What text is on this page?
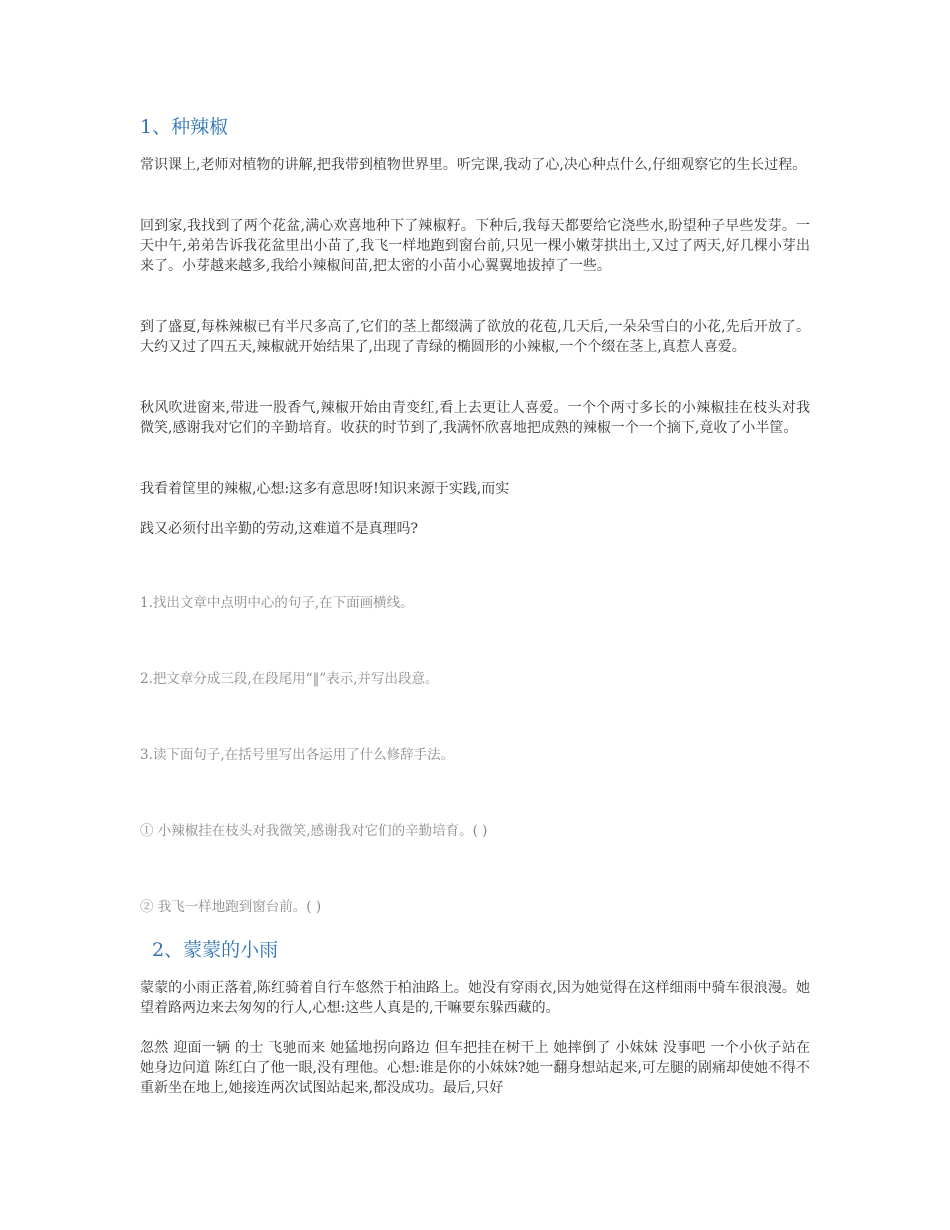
1、种辣椒
常识课上,老师对植物的讲解,把我带到植物世界里。听完课,我动了心,决心种点什么,仔细观察它的生长过程。
回到家,我找到了两个花盆,满心欢喜地种下了辣椒籽。下种后,我每天都要给它浇些水,盼望种子早些发芽。一天中午,弟弟告诉我花盆里出小苗了,我飞一样地跑到窗台前,只见一棵小嫩芽拱出土,又过了两天,好几棵小芽出来了。小芽越来越多,我给小辣椒间苗,把太密的小苗小心翼翼地拔掉了一些。
到了盛夏,每株辣椒已有半尺多高了,它们的茎上都缀满了欲放的花苞,几天后,一朵朵雪白的小花,先后开放了。大约又过了四五天,辣椒就开始结果了,出现了青绿的椭圆形的小辣椒,一个个缀在茎上,真惹人喜爱。
秋风吹进窗来,带进一股香气,辣椒开始由青变红,看上去更让人喜爱。一个个两寸多长的小辣椒挂在枝头对我微笑,感谢我对它们的辛勤培育。收获的时节到了,我满怀欣喜地把成熟的辣椒一个一个摘下,竟收了小半筐。
我看着筐里的辣椒,心想:这多有意思呀!知识来源于实践,而实
践又必须付出辛勤的劳动,这难道不是真理吗?
1.找出文章中点明中心的句子,在下面画横线。
2.把文章分成三段,在段尾用“‖”表示,并写出段意。
3.读下面句子,在括号里写出各运用了什么修辞手法。
① 小辣椒挂在枝头对我微笑,感谢我对它们的辛勤培育。( )
② 我飞一样地跑到窗台前。( )
2、蒙蒙的小雨
蒙蒙的小雨正落着,陈红骑着自行车悠然于柏油路上。她没有穿雨衣,因为她觉得在这样细雨中骑车很浪漫。她望着路两边来去匆匆的行人,心想:这些人真是的,干嘛要东躲西藏的。
忽然 迎面一辆 的士 飞驰而来 她猛地拐向路边 但车把挂在树干上 她摔倒了 小妹妹 没事吧 一个小伙子站在她身边问道 陈红白了他一眼,没有理他。心想:谁是你的小妹妹?她一翻身想站起来,可左腿的剧痛却使她不得不重新坐在地上,她接连两次试图站起来,都没成功。最后,只好
